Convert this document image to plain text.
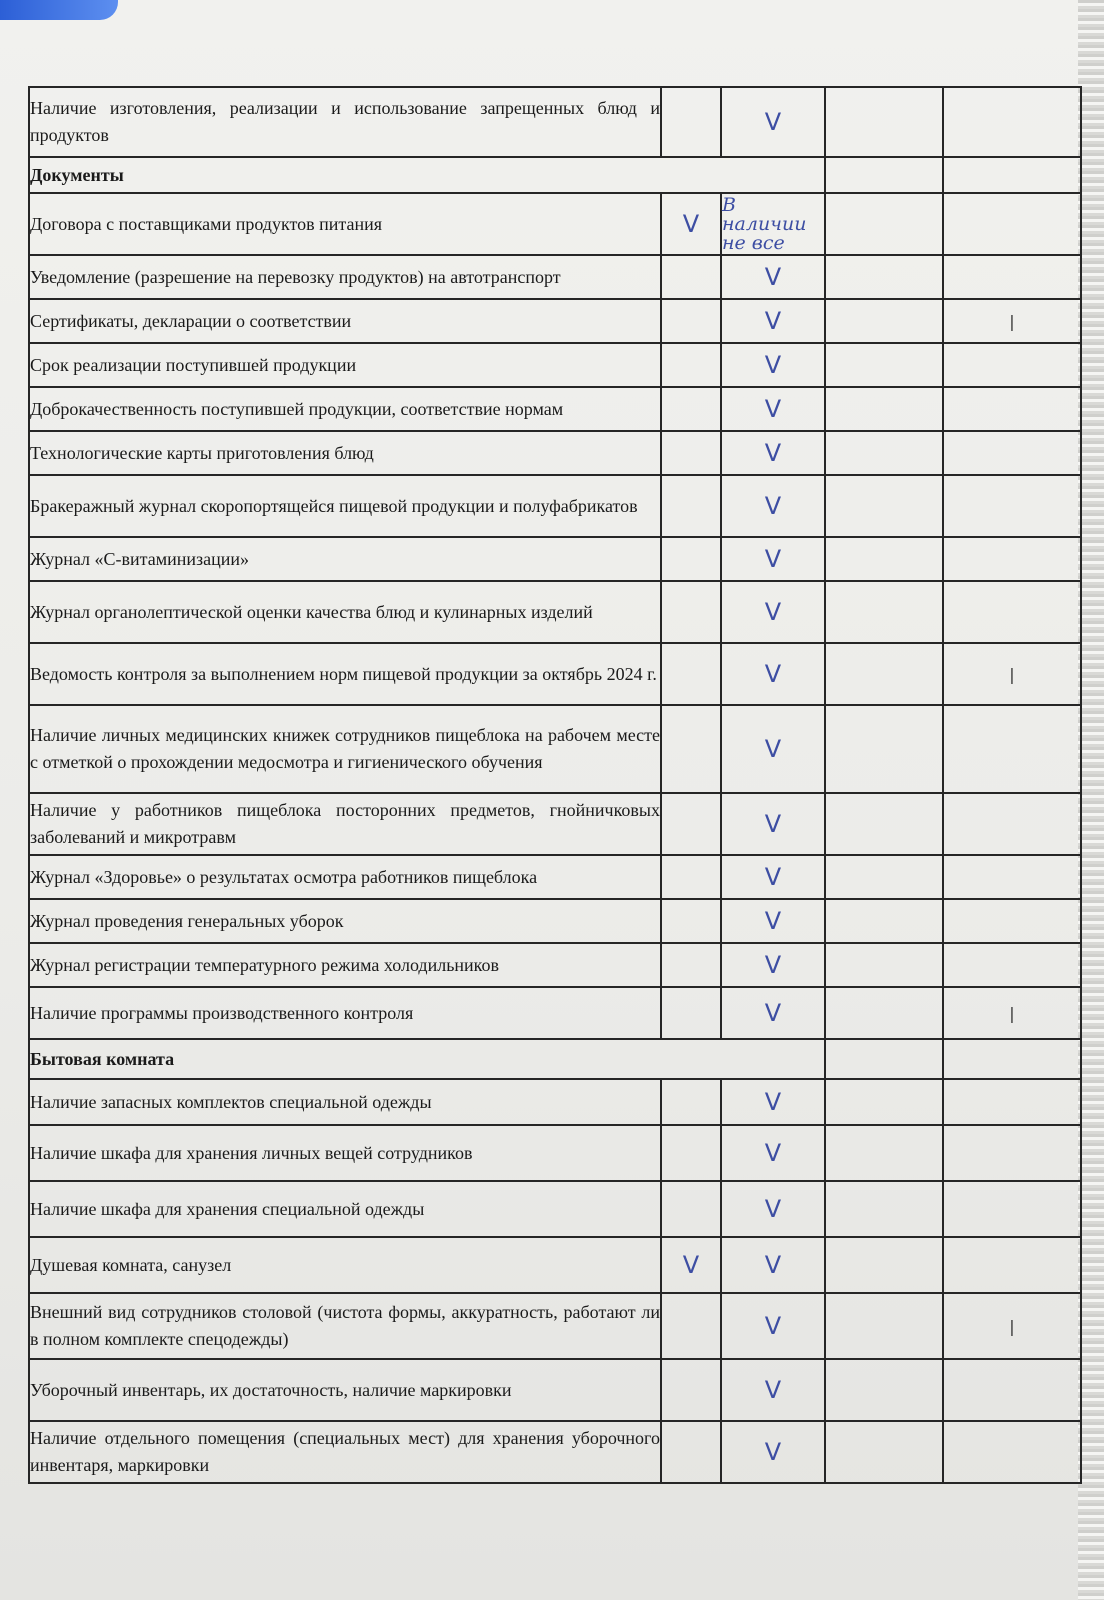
Наличие изготовления, реализации и использование запрещенных блюд и продуктов		V		
Документы				
Договора с поставщиками продуктов питания	V	В наличии не все		
Уведомление (разрешение на перевозку продуктов) на автотранспорт		V		
Сертификаты, декларации о соответствии		V		|
Срок реализации поступившей продукции		V		
Доброкачественность поступившей продукции, соответствие нормам		V		
Технологические карты приготовления блюд		V		
Бракеражный журнал скоропортящейся пищевой продукции и полуфабрикатов		V		
Журнал «С-витаминизации»		V		
Журнал органолептической оценки качества блюд и кулинарных изделий		V		
Ведомость контроля за выполнением норм пищевой продукции за октябрь 2024 г.		V		|
Наличие личных медицинских книжек сотрудников пищеблока на рабочем месте с отметкой о прохождении медосмотра и гигиенического обучения		V		
Наличие у работников пищеблока посторонних предметов, гнойничковых заболеваний и микротравм		V		
Журнал «Здоровье» о результатах осмотра работников пищеблока		V		
Журнал проведения генеральных уборок		V		
Журнал регистрации температурного режима холодильников		V		
Наличие программы производственного контроля		V		|
Бытовая комната				
Наличие запасных комплектов специальной одежды		V		
Наличие шкафа для хранения личных вещей сотрудников		V		
Наличие шкафа для хранения специальной одежды		V		
Душевая комната, санузел	V	V		
Внешний вид сотрудников столовой (чистота формы, аккуратность, работают ли в полном комплекте спецодежды)		V		|
Уборочный инвентарь, их достаточность, наличие маркировки		V		
Наличие отдельного помещения (специальных мест) для хранения уборочного инвентаря, маркировки		V		
